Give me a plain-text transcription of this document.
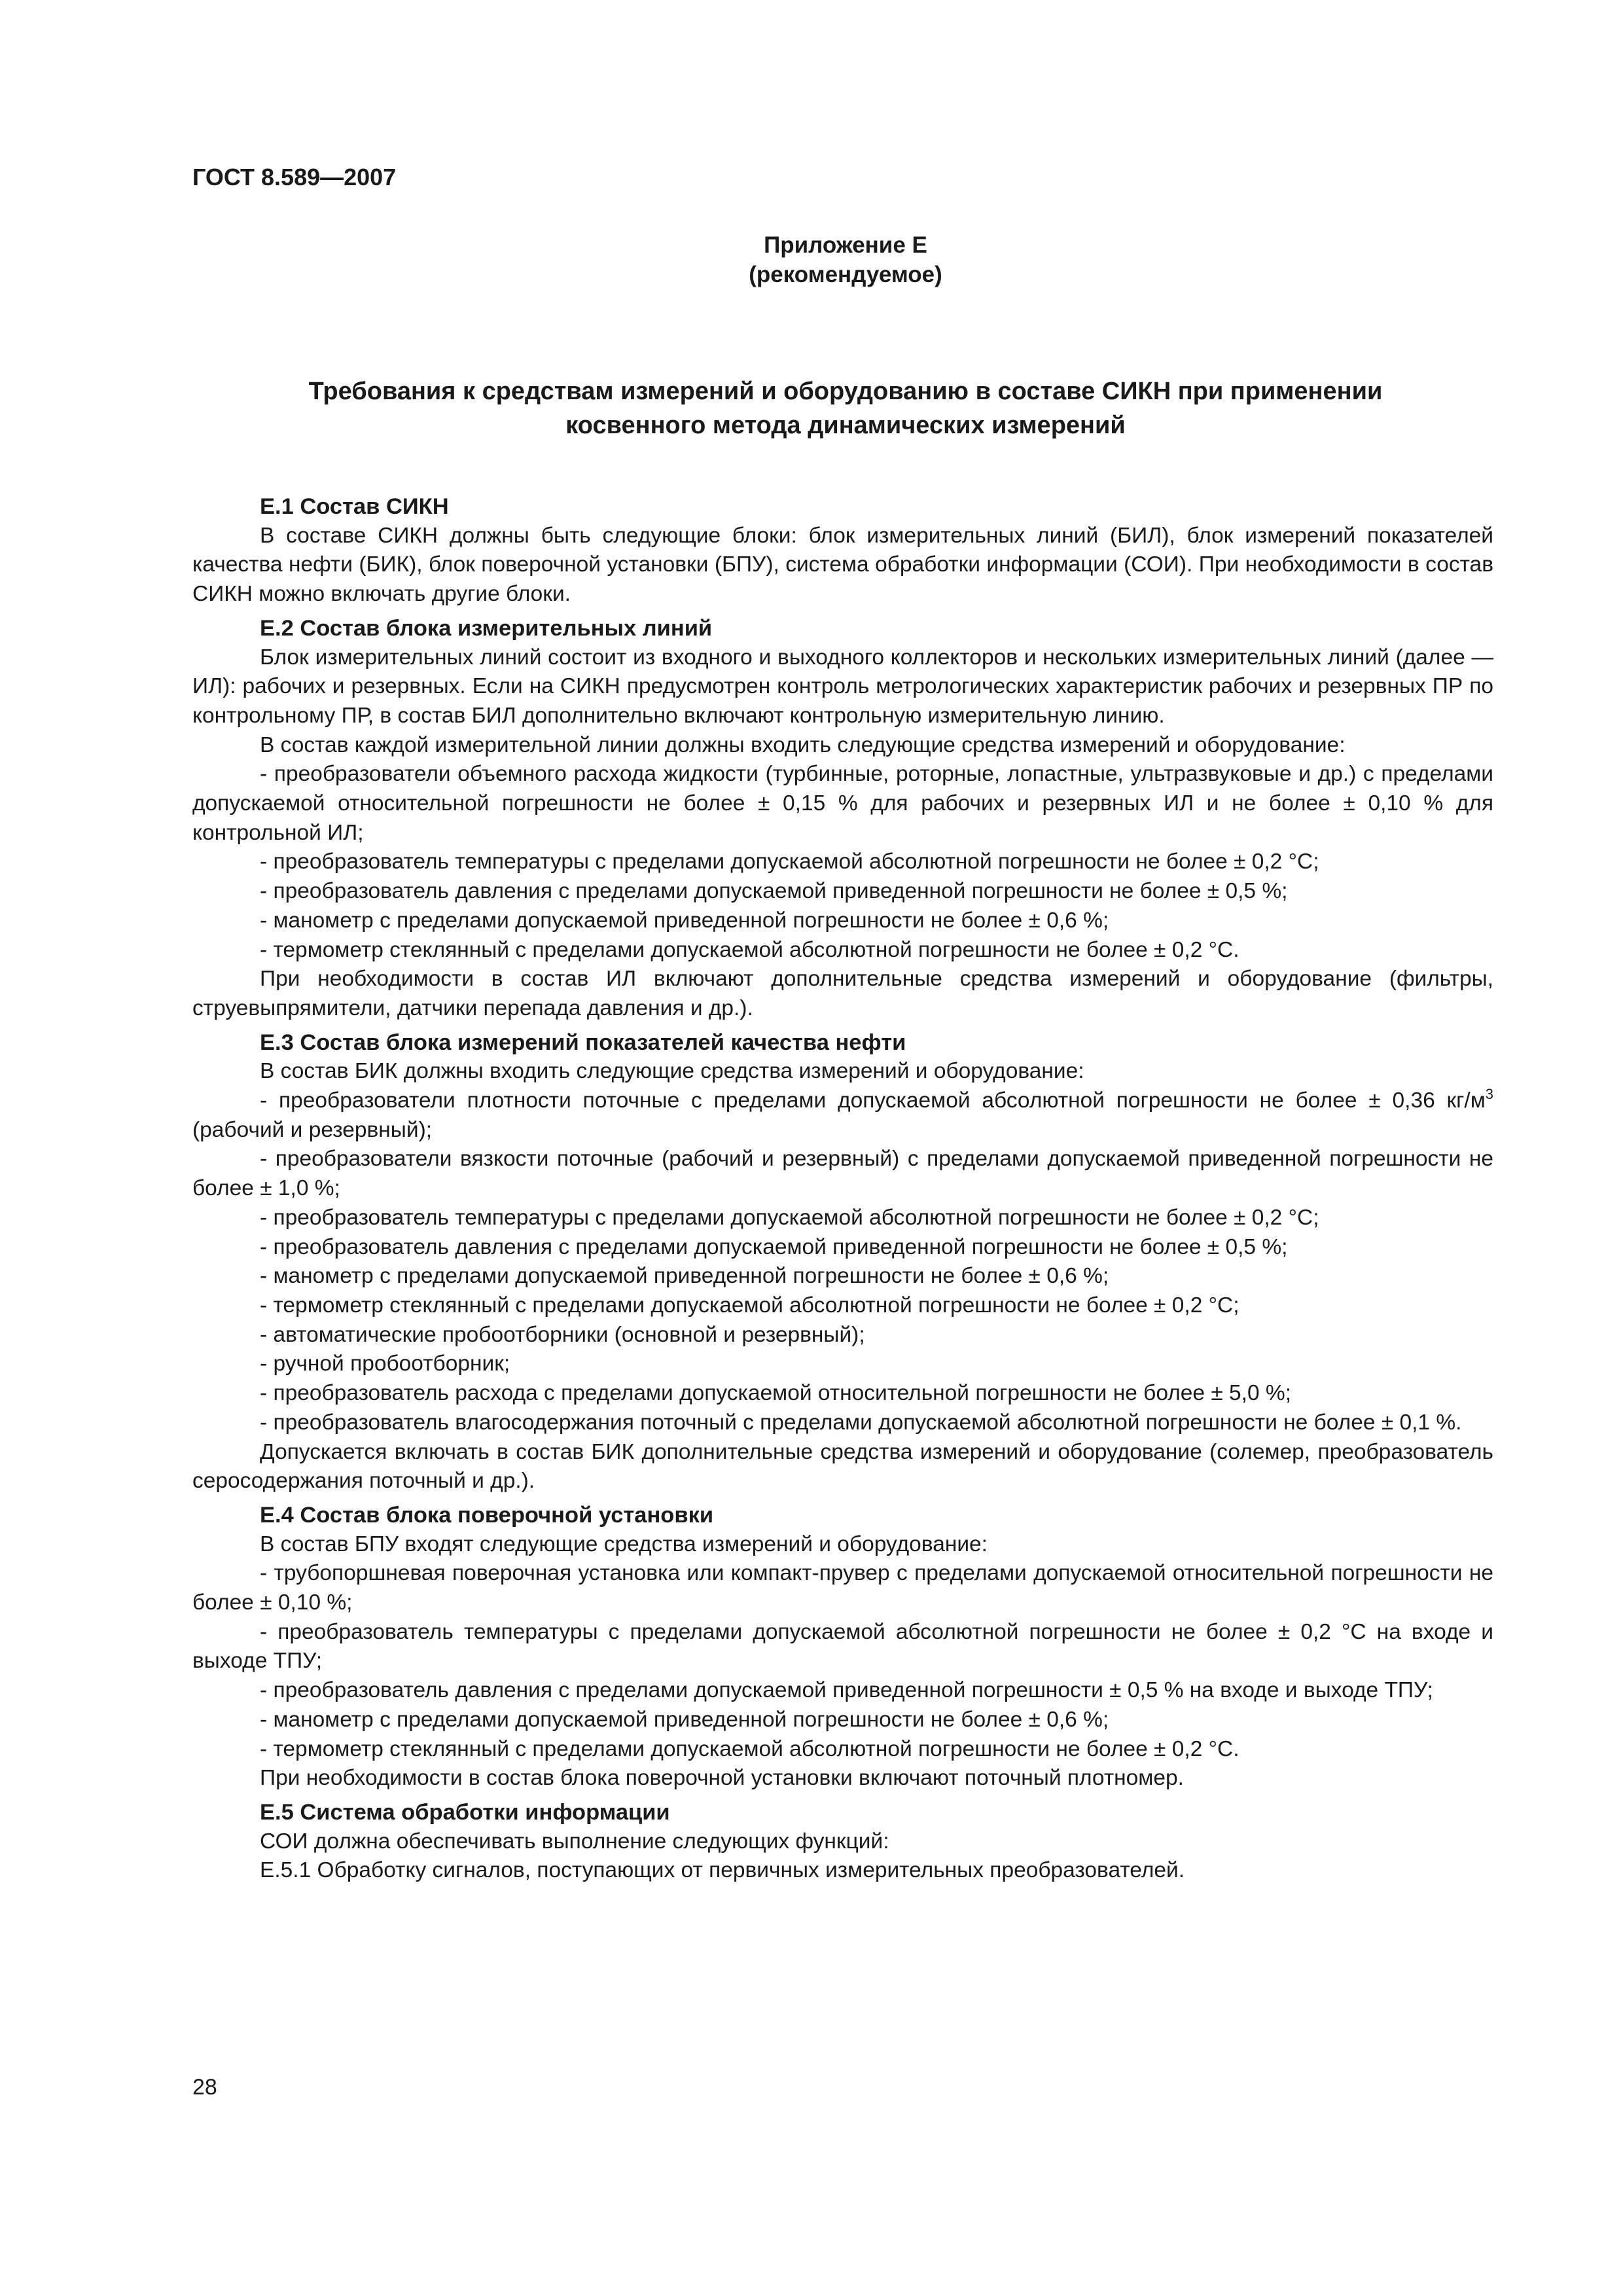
ГОСТ 8.589—2007
Приложение Е
(рекомендуемое)
Требования к средствам измерений и оборудованию в составе СИКН при применении
косвенного метода динамических измерений
Е.1 Состав СИКН

В составе СИКН должны быть следующие блоки: блок измерительных линий (БИЛ), блок измерений показателей качества нефти (БИК), блок поверочной установки (БПУ), система обработки информации (СОИ). При необходимости в состав СИКН можно включать другие блоки.

Е.2 Состав блока измерительных линий

Блок измерительных линий состоит из входного и выходного коллекторов и нескольких измерительных линий (далее — ИЛ): рабочих и резервных. Если на СИКН предусмотрен контроль метрологических характеристик рабочих и резервных ПР по контрольному ПР, в состав БИЛ дополнительно включают контрольную измерительную линию.

В состав каждой измерительной линии должны входить следующие средства измерений и оборудование:

- преобразователи объемного расхода жидкости (турбинные, роторные, лопастные, ультразвуковые и др.) с пределами допускаемой относительной погрешности не более ± 0,15 % для рабочих и резервных ИЛ и не более ± 0,10 % для контрольной ИЛ;

- преобразователь температуры с пределами допускаемой абсолютной погрешности не более ± 0,2 °С;

- преобразователь давления с пределами допускаемой приведенной погрешности не более ± 0,5 %;

- манометр с пределами допускаемой приведенной погрешности не более ± 0,6 %;

- термометр стеклянный с пределами допускаемой абсолютной погрешности не более ± 0,2 °С.

При необходимости в состав ИЛ включают дополнительные средства измерений и оборудование (фильтры, струевыпрямители, датчики перепада давления и др.).

Е.3 Состав блока измерений показателей качества нефти

В состав БИК должны входить следующие средства измерений и оборудование:

- преобразователи плотности поточные с пределами допускаемой абсолютной погрешности не более ± 0,36 $кг/м^3$ (рабочий и резервный);

- преобразователи вязкости поточные (рабочий и резервный) с пределами допускаемой приведенной погрешности не более ± 1,0 %;

- преобразователь температуры с пределами допускаемой абсолютной погрешности не более ± 0,2 °С;

- преобразователь давления с пределами допускаемой приведенной погрешности не более ± 0,5 %;

- манометр с пределами допускаемой приведенной погрешности не более ± 0,6 %;

- термометр стеклянный с пределами допускаемой абсолютной погрешности не более ± 0,2 °С;

- автоматические пробоотборники (основной и резервный);

- ручной пробоотборник;

- преобразователь расхода с пределами допускаемой относительной погрешности не более ± 5,0 %;

- преобразователь влагосодержания поточный с пределами допускаемой абсолютной погрешности не более ± 0,1 %.

Допускается включать в состав БИК дополнительные средства измерений и оборудование (солемер, преобразователь серосодержания поточный и др.).

Е.4 Состав блока поверочной установки

В состав БПУ входят следующие средства измерений и оборудование:

- трубопоршневая поверочная установка или компакт-прувер с пределами допускаемой относительной погрешности не более ± 0,10 %;

- преобразователь температуры с пределами допускаемой абсолютной погрешности не более ± 0,2 °С на входе и выходе ТПУ;

- преобразователь давления с пределами допускаемой приведенной погрешности ± 0,5 % на входе и выходе ТПУ;

- манометр с пределами допускаемой приведенной погрешности не более ± 0,6 %;

- термометр стеклянный с пределами допускаемой абсолютной погрешности не более ± 0,2 °С.

При необходимости в состав блока поверочной установки включают поточный плотномер.

Е.5 Система обработки информации

СОИ должна обеспечивать выполнение следующих функций:

Е.5.1 Обработку сигналов, поступающих от первичных измерительных преобразователей.

28
